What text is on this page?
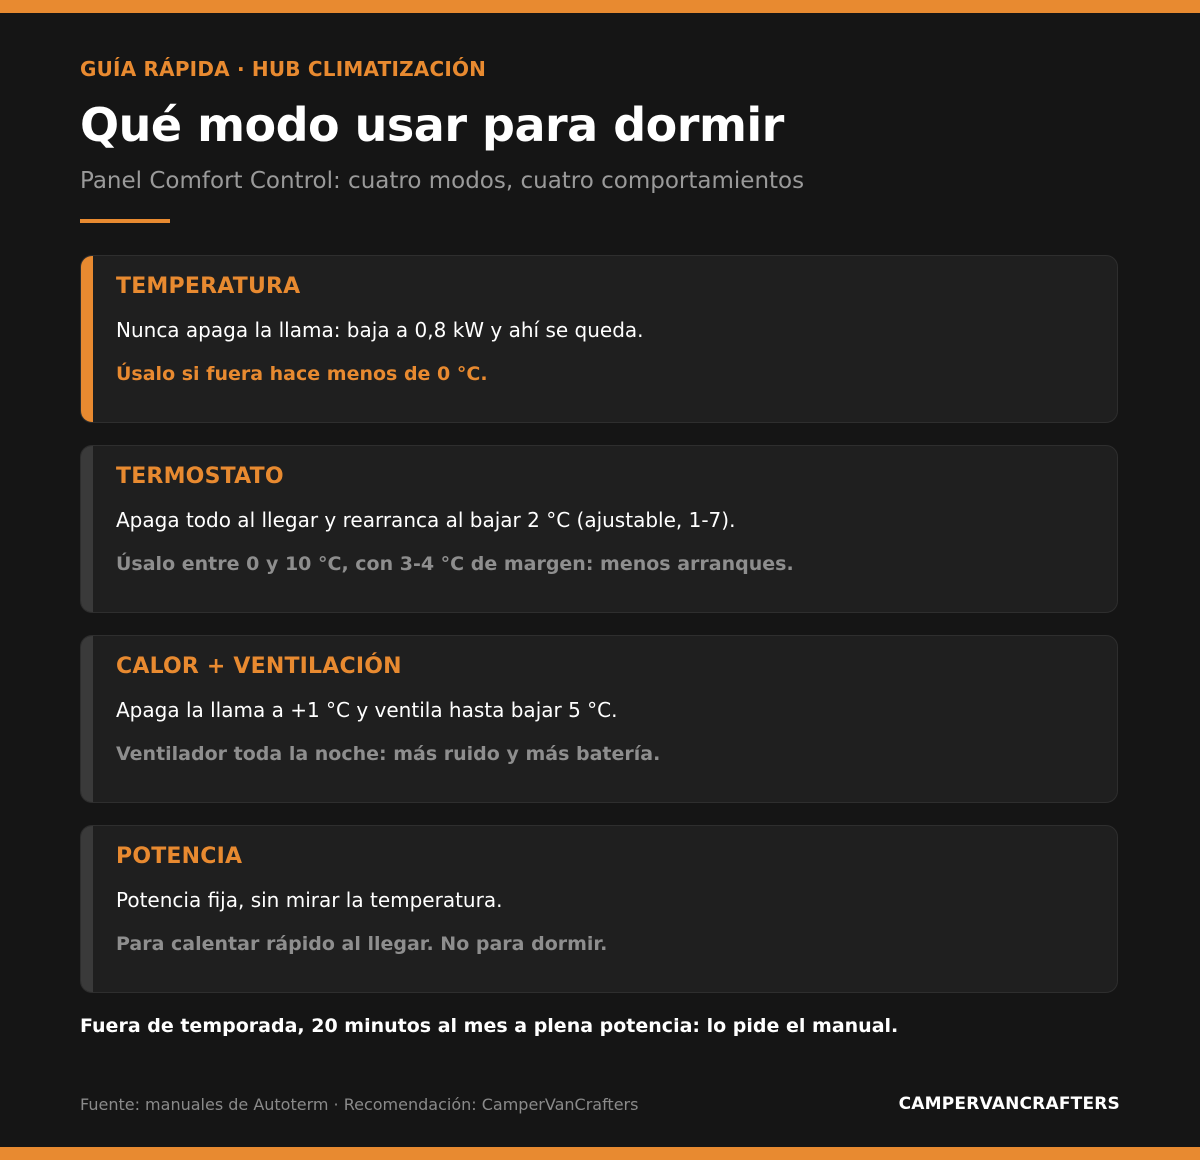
GUÍA RÁPIDA · HUB CLIMATIZACIÓN
Qué modo usar para dormir
Panel Comfort Control: cuatro modos, cuatro comportamientos
TEMPERATURA
Nunca apaga la llama: baja a 0,8 kW y ahí se queda.
Úsalo si fuera hace menos de 0 °C.
TERMOSTATO
Apaga todo al llegar y rearranca al bajar 2 °C (ajustable, 1-7).
Úsalo entre 0 y 10 °C, con 3-4 °C de margen: menos arranques.
CALOR + VENTILACIÓN
Apaga la llama a +1 °C y ventila hasta bajar 5 °C.
Ventilador toda la noche: más ruido y más batería.
POTENCIA
Potencia fija, sin mirar la temperatura.
Para calentar rápido al llegar. No para dormir.
Fuera de temporada, 20 minutos al mes a plena potencia: lo pide el manual.
Fuente: manuales de Autoterm · Recomendación: CamperVanCrafters	CAMPERVANCRAFTERS
